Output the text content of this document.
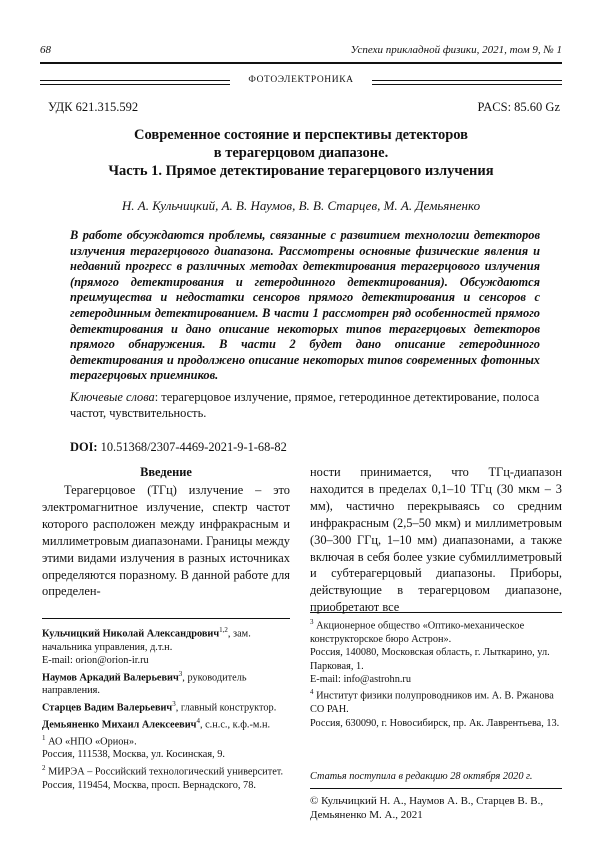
68	Успехи прикладной физики, 2021, том 9, № 1
ФОТОЭЛЕКТРОНИКА
УДК 621.315.592	PACS: 85.60 Gz
Современное состояние и перспективы детекторов
в терагерцовом диапазоне.
Часть 1. Прямое детектирование терагерцового излучения
Н. А. Кульчицкий, А. В. Наумов, В. В. Старцев, М. А. Демьяненко
В работе обсуждаются проблемы, связанные с развитием технологии детекторов излучения терагерцового диапазона. Рассмотрены основные физические явления и недавний прогресс в различных методах детектирования терагерцового излучения (прямого детектирования и гетеродинного детектирования). Обсуждаются преимущества и недостатки сенсоров прямого детектирования и сенсоров с гетеродинным детектированием. В части 1 рассмотрен ряд особенностей прямого детектирования и дано описание некоторых типов терагерцовых детекторов прямого обнаружения. В части 2 будет дано описание гетеродинного детектирования и продолжено описание некоторых типов современных фотонных терагерцовых приемников.
Ключевые слова: терагерцовое излучение, прямое, гетеродинное детектирование, полоса частот, чувствительность.
DOI: 10.51368/2307-4469-2021-9-1-68-82
Введение

Терагерцовое (ТГц) излучение – это электромагнитное излучение, спектр частот которого расположен между инфракрасным и миллиметровым диапазонами. Границы между этими видами излучения в разных источниках определяются поразному. В данной работе для определен-

ности принимается, что ТГц-диапазон находится в пределах 0,1–10 ТГц (30 мкм – 3 мм), частично перекрываясь со средним инфракрасным (2,5–50 мкм) и миллиметровым (30–300 ГГц, 1–10 мм) диапазонами, а также включая в себя более узкие субмиллиметровый и субтерагерцовый диапазоны. Приборы, действующие в терагерцовом диапазоне, приобретают все

Кульчицкий Николай Александрович$^{1,2}$, зам. начальника управления, д.т.н.
E-mail: orion@orion-ir.ru
Наумов Аркадий Валерьевич$^3$, руководитель направления.
Старцев Вадим Валерьевич$^3$, главный конструктор.
Демьяненко Михаил Алексеевич$^4$, с.н.с., к.ф.-м.н.
$^1$ АО «НПО «Орион».
Россия, 111538, Москва, ул. Косинская, 9.
$^2$ МИРЭА – Российский технологический университет.
Россия, 119454, Москва, просп. Вернадского, 78.
$^3$ Акционерное общество «Оптико-механическое конструкторское бюро Астрон».
Россия, 140080, Московская область, г. Лыткарино, ул. Парковая, 1.
E-mail: info@astrohn.ru
$^4$ Институт физики полупроводников им. А. В. Ржанова СО РАН.
Россия, 630090, г. Новосибирск, пр. Ак. Лаврентьева, 13.
Статья поступила в редакцию 28 октября 2020 г.
© Кульчицкий Н. А., Наумов А. В., Старцев В. В., Демьяненко М. А., 2021
